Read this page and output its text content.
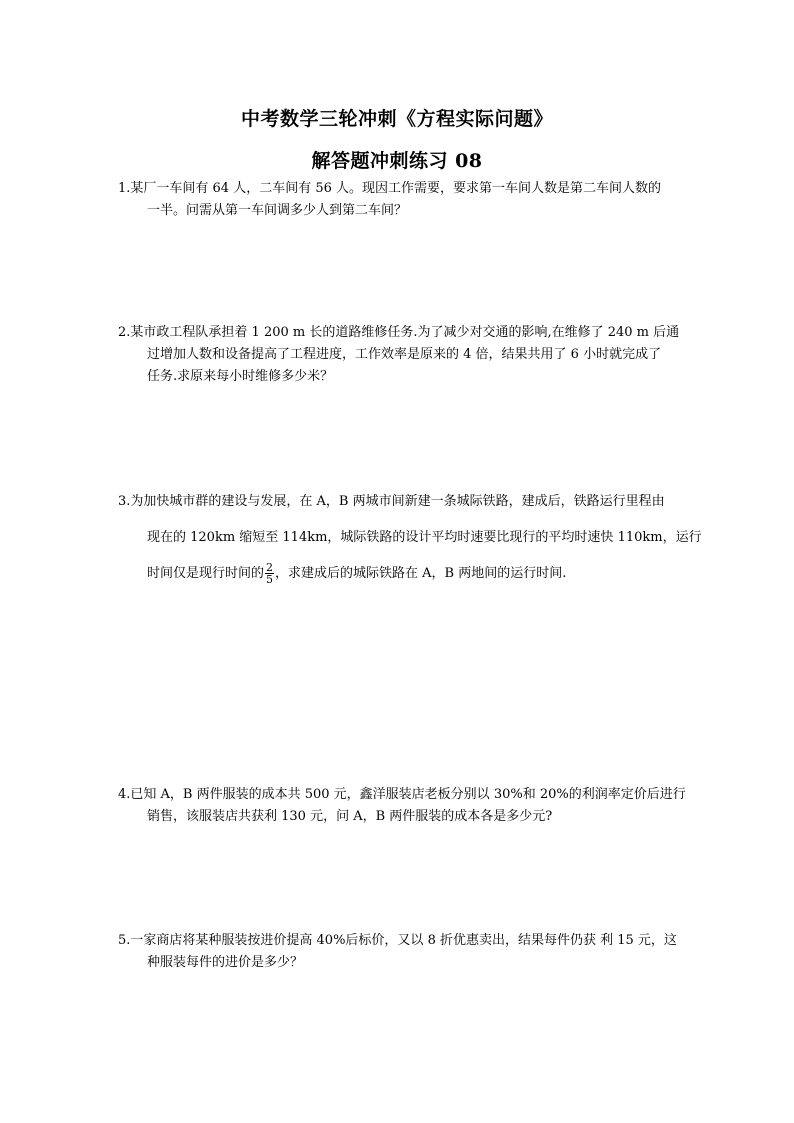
中考数学三轮冲刺《方程实际问题》
解答题冲刺练习 08
1.某厂一车间有 64 人，二车间有 56 人。现因工作需要，要求第一车间人数是第二车间人数的
一半。问需从第一车间调多少人到第二车间？
2.某市政工程队承担着 1 200 m 长的道路维修任务.为了减少对交通的影响,在维修了 240 m 后通
过增加人数和设备提高了工程进度，工作效率是原来的 4 倍，结果共用了 6 小时就完成了
任务.求原来每小时维修多少米？
3.为加快城市群的建设与发展，在 A，B 两城市间新建一条城际铁路，建成后，铁路运行里程由
现在的 120km 缩短至 114km，城际铁路的设计平均时速要比现行的平均时速快 110km，运行
时间仅是现行时间的 $\frac{2}{5}$ ，求建成后的城际铁路在 A，B 两地间的运行时间.
4.已知 A，B 两件服装的成本共 500 元，鑫洋服装店老板分别以 30%和 20%的利润率定价后进行
销售，该服装店共获利 130 元，问 A，B 两件服装的成本各是多少元?
5.一家商店将某种服装按进价提高 40%后标价，又以 8 折优惠卖出，结果每件仍获 利 15 元，这
种服装每件的进价是多少？
